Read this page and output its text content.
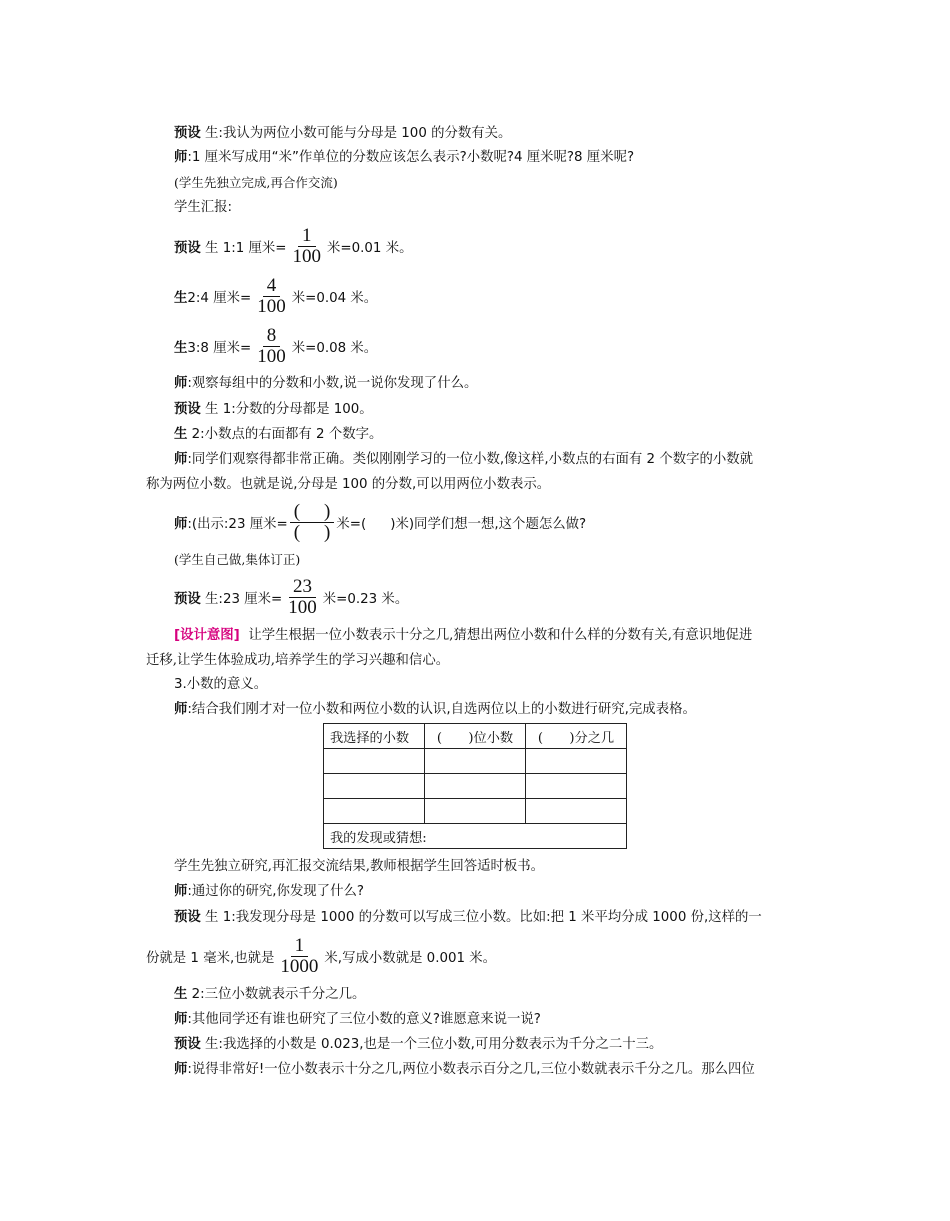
预设 生:我认为两位小数可能与分母是 100 的分数有关。
师:1 厘米写成用“米”作单位的分数应该怎么表示?小数呢?4 厘米呢?8 厘米呢?
(学生先独立完成,再合作交流)
学生汇报:
预设
生 1:1 厘米= $\frac{1}{100}$ 米=0.01 米。
生 2:4 厘米= $\frac{4}{100}$ 米=0.04 米。
生 3:8 厘米= $\frac{8}{100}$ 米=0.08 米。
师:观察每组中的分数和小数,说一说你发现了什么。
预设 生 1:分数的分母都是 100。
生 2:小数点的右面都有 2 个数字。
师:同学们观察得都非常正确。类似刚刚学习的一位小数,像这样,小数点的右面有 2 个数字的小数就
称为两位小数。也就是说,分母是 100 的分数,可以用两位小数表示。
师 :(出示:23 厘米= $\frac{( )}{( )}$ 米=( )米)同学们想一想,这个题怎么做?
(学生自己做,集体订正)
预设
生:23 厘米= $\frac{23}{100}$ 米=0.23 米。
[设计意图] 让学生根据一位小数表示十分之几,猜想出两位小数和什么样的分数有关,有意识地促进
迁移,让学生体验成功,培养学生的学习兴趣和信心。
3.小数的意义。
师:结合我们刚才对一位小数和两位小数的认识,自选两位以上的小数进行研究,完成表格。
我选择的小数	(  )位小数	(  )分之几

我的发现或猜想:		
学生先独立研究,再汇报交流结果,教师根据学生回答适时板书。
师:通过你的研究,你发现了什么?
预设 生 1:我发现分母是 1000 的分数可以写成三位小数。比如:把 1 米平均分成 1000 份,这样的一
份就是 1 毫米,也就是 $\frac{1}{1000}$ 米,写成小数就是 0.001 米。
生 2:三位小数就表示千分之几。
师:其他同学还有谁也研究了三位小数的意义?谁愿意来说一说?
预设 生:我选择的小数是 0.023,也是一个三位小数,可用分数表示为千分之二十三。
师:说得非常好!一位小数表示十分之几,两位小数表示百分之几,三位小数就表示千分之几。那么四位
